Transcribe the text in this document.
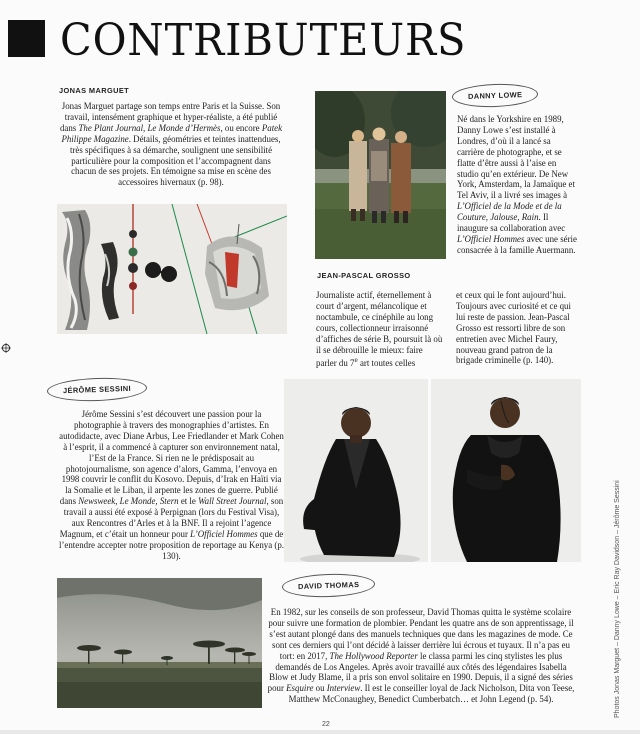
CONTRIBUTEURS
JONAS MARGUET

Jonas Marguet partage son temps entre Paris et la Suisse. Son travail, intensément graphique et hyper-réaliste, a été publié dans The Plant Journal, Le Monde d’Hermès, ou encore Patek Philippe Magazine. Détails, géométries et teintes inattendues, très spécifiques à sa démarche, soulignent une sensibilité particulière pour la composition et l’accompagnent dans chacun de ses projets. En témoigne sa mise en scène des accessoires hivernaux (p. 98).

DANNY LOWE

Né dans le Yorkshire en 1989, Danny Lowe s’est installé à Londres, d’où il a lancé sa carrière de photographe, et se flatte d’être aussi à l’aise en studio qu’en extérieur. De New York, Amsterdam, la Jamaïque et Tel Aviv, il a livré ses images à L’Officiel de la Mode et de la Couture, Jalouse, Rain. Il inaugure sa collaboration avec L’Officiel Hommes avec une série consacrée à la famille Auermann.

JEAN-PASCAL GROSSO

Journaliste actif, éternellement à court d’argent, mélancolique et noctambule, ce cinéphile au long cours, collectionneur irraisonné d’affiches de série B, poursuit là où il se débrouille le mieux: faire parler du 7e art toutes celles

et ceux qui le font aujourd’hui. Toujours avec curiosité et ce qui lui reste de passion. Jean-Pascal Grosso est ressorti libre de son entretien avec Michel Faury, nouveau grand patron de la brigade criminelle (p. 140).

JÉRÔME SESSINI

Jérôme Sessini s’est découvert une passion pour la photographie à travers des monographies d’artistes. En autodidacte, avec Diane Arbus, Lee Friedlander et Mark Cohen à l’esprit, il a commencé à capturer son environnement natal, l’Est de la France. Si rien ne le prédisposait au photojournalisme, son agence d’alors, Gamma, l’envoya en 1998 couvrir le conflit du Kosovo. Depuis, d’Irak en Haïti via la Somalie et le Liban, il arpente les zones de guerre. Publié dans Newsweek, Le Monde, Stern et le Wall Street Journal, son travail a aussi été exposé à Perpignan (lors du Festival Visa), aux Rencontres d’Arles et à la BNF. Il a rejoint l’agence Magnum, et c’était un honneur pour L’Officiel Hommes que de l’entendre accepter notre proposition de reportage au Kenya (p. 130).

DAVID THOMAS

En 1982, sur les conseils de son professeur, David Thomas quitta le système scolaire pour suivre une formation de plombier. Pendant les quatre ans de son apprentissage, il s’est autant plongé dans des manuels techniques que dans les magazines de mode. Ce sont ces derniers qui l’ont décidé à laisser derrière lui écrous et tuyaux. Il n’a pas eu tort: en 2017, The Hollywood Reporter le classa parmi les cinq stylistes les plus demandés de Los Angeles. Après avoir travaillé aux côtés des légendaires Isabella Blow et Judy Blame, il a pris son envol solitaire en 1990. Depuis, il a signé des séries pour Esquire ou Interview. Il est le conseiller loyal de Jack Nicholson, Dita von Teese, Matthew McConaughey, Benedict Cumberbatch… et John Legend (p. 54).

22
Photos Jonas Marguet – Danny Lowe – Eric Ray Davidson – Jérôme Sessini
